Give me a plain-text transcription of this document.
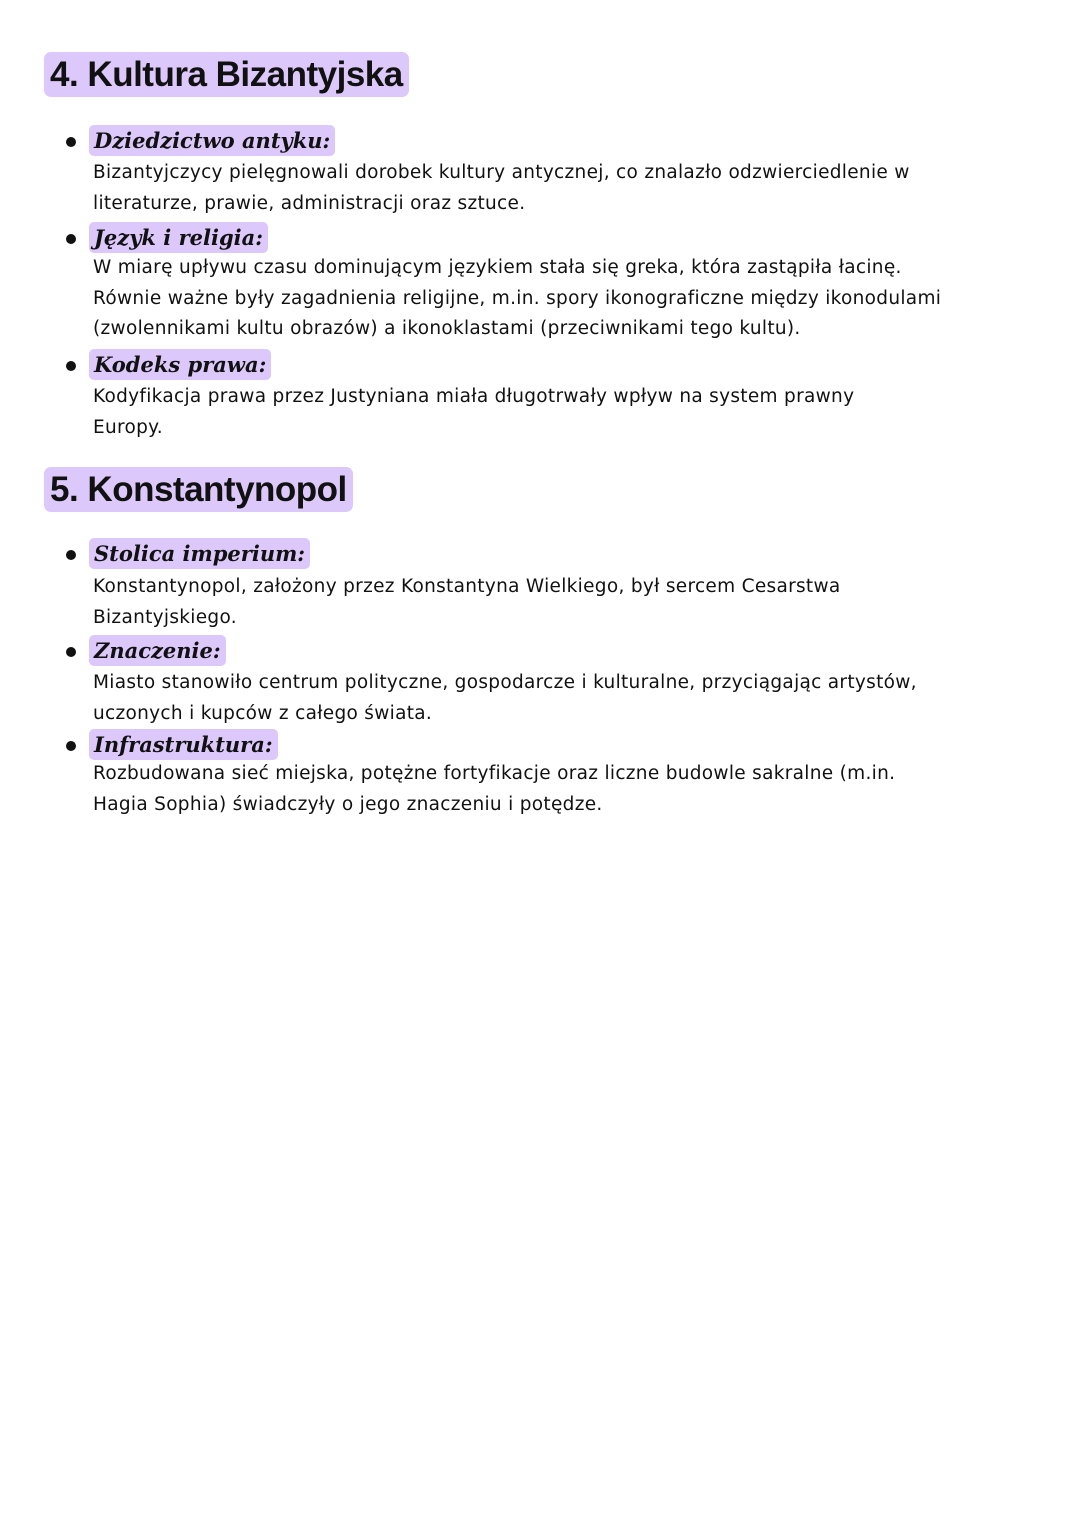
4. Kultura Bizantyjska
Dziedzictwo antyku:
Bizantyjczycy pielęgnowali dorobek kultury antycznej, co znalazło odzwierciedlenie w
literaturze, prawie, administracji oraz sztuce.
Język i religia:
W miarę upływu czasu dominującym językiem stała się greka, która zastąpiła łacinę.
Równie ważne były zagadnienia religijne, m.in. spory ikonograficzne między ikonodulami
(zwolennikami kultu obrazów) a ikonoklastami (przeciwnikami tego kultu).
Kodeks prawa:
Kodyfikacja prawa przez Justyniana miała długotrwały wpływ na system prawny
Europy.
5. Konstantynopol
Stolica imperium:
Konstantynopol, założony przez Konstantyna Wielkiego, był sercem Cesarstwa
Bizantyjskiego.
Znaczenie:
Miasto stanowiło centrum polityczne, gospodarcze i kulturalne, przyciągając artystów,
uczonych i kupców z całego świata.
Infrastruktura:
Rozbudowana sieć miejska, potężne fortyfikacje oraz liczne budowle sakralne (m.in.
Hagia Sophia) świadczyły o jego znaczeniu i potędze.
